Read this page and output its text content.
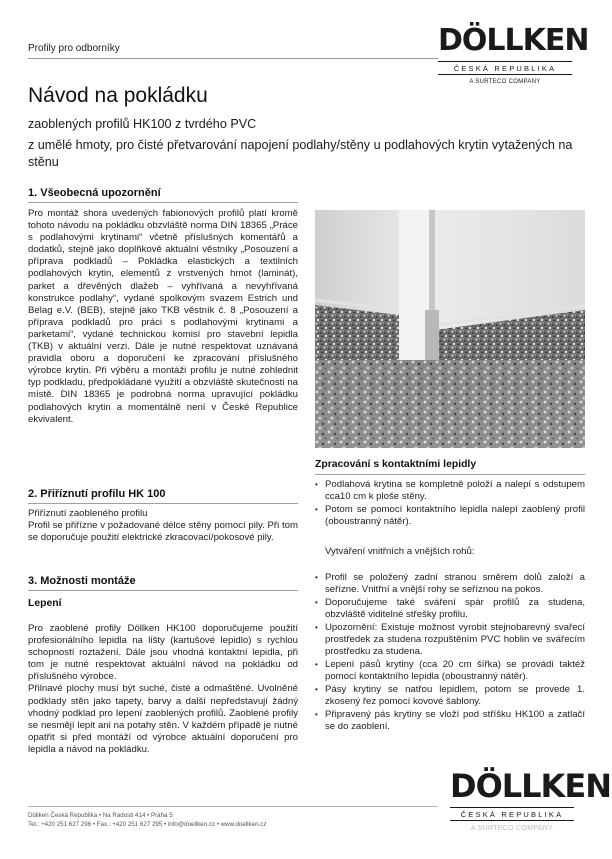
Profily pro odborníky	DÖLLKEN
ČESKÁ REPUBLIKA
A SURTECO COMPANY
Návod na pokládku

zaoblených profilů HK100 z tvrdého PVC

z umělé hmoty, pro čisté přetvarování napojení podlahy/stěny u podlahových krytin vytažených na stěnu

1. Všeobecná upozornění
Pro montáž shora uvedených fabionových profilů platí kromě tohoto návodu na pokládku obzvláště norma DIN 18365 „Práce s podlahovými krytinami“ včetně příslušných komentářů a dodatků, stejně jako doplňkově aktuální věstníky „Posouzení a příprava podkladů – Pokládka elastických a textilních podlahových krytin, elementů z vrstvených hmot (laminát), parket a dřevěných dlažeb – vyhřívaná a nevyhřívaná konstrukce podlahy“, vydané spolkovým svazem Estrich und Belag e.V. (BEB), stejně jako TKB věstník č. 8 „Posouzení a příprava podkladů pro práci s podlahovými krytinami a parketami“, vydané technickou komisí pro stavební lepidla (TKB) v aktuální verzi. Dále je nutné respektovat uznávaná pravidla oboru a doporučení ke zpracování příslušného výrobce krytin. Při výběru a montáži profilu je nutné zohlednit typ podkladu, předpokládané využití a obzvláště skutečnosti na místě. DIN 18365 je podrobná norma upravující pokládku podlahových krytin a momentálně není v České Republice ekvivalent.
2. Přiříznutí profilu HK 100

Přiříznutí zaobleného profilu

Profil se přiřízne v požadované délce stěny pomocí pily. Při tom se doporučuje použití elektrické zkracovací/pokosové pily.

3. Možnosti montáže
Lepení

Pro zaoblené profily Döllken HK100 doporučujeme použití profesionálního lepidla na lišty (kartušové lepidlo) s rychlou schopností roztažení. Dále jsou vhodná kontaktní lepidla, při tom je nutné respektovat aktuální návod na pokládku od příslušného výrobce.

Přilnavé plochy musí být suché, čisté a odmaštěné. Uvolněné podklady stěn jako tapety, barvy a další nepředstavují žádný vhodný podklad pro lepení zaoblených profilů. Zaoblené profily se nesmějí lepit ani na potahy stěn. V každém případě je nutné opatřit si před montáží od výrobce aktuální doporučení pro lepidla a návod na pokládku.

Zpracování s kontaktními lepidly
• Podlahová krytina se kompletně položí a nalepí s odstupem cca10 cm k ploše stěny.
• Potom se pomocí kontaktního lepidla nalepí zaoblený profil (oboustranný nátěr).
Vytváření vnitřních a vnějších rohů:
• Profil se položený zadní stranou směrem dolů založí a seřízne. Vnitřní a vnější rohy se seříznou na pokos.
• Doporučujeme také sváření spár profilů za studena, obzvláště viditelné střešky profilu.
• Upozornění: Existuje možnost vyrobit stejnobarevný svařecí prostředek za studena rozpuštěním PVC hoblin ve svářecím prostředku za studena.
• Lepení pásů krytiny (cca 20 cm šířka) se provádí taktéž pomocí kontaktního lepidla (oboustranný nátěr).
• Pásy krytiny se natřou lepidlem, potom se provede 1. zkosený řez pomocí kovové šablony.
• Připravený pás krytiny se vloží pod stříšku HK100 a zatlačí se do zaoblení.
Döllken Česká Republika • Na Radosti 414 • Praha 5
Tel.: +420 251 627 296 • Fax.: +420 251 627 295 • info@doellken.cz • www.doellken.cz
DÖLLKEN
ČESKÁ REPUBLIKA
A SURTECO COMPANY
